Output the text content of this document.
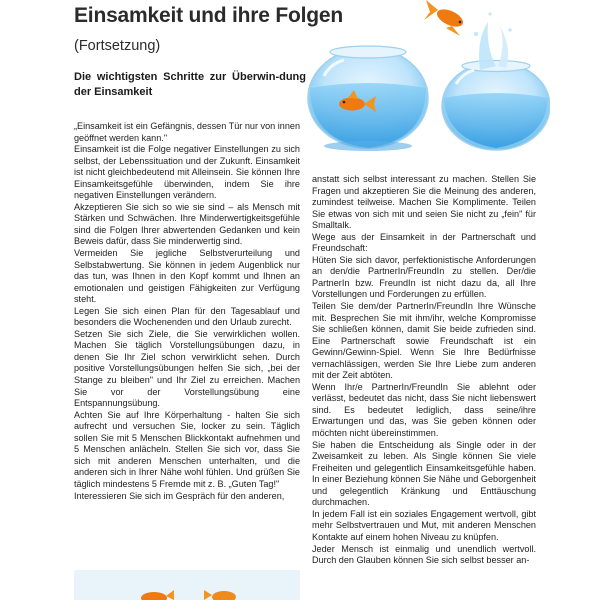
Einsamkeit und ihre Folgen
(Fortsetzung)
Die wichtigsten Schritte zur Überwin-dung der Einsamkeit

„Einsamkeit ist ein Gefängnis, dessen Tür nur von innen geöffnet werden kann."

Einsamkeit ist die Folge negativer Einstellungen zu sich selbst, der Lebenssituation und der Zukunft. Einsamkeit ist nicht gleichbedeutend mit Alleinsein. Sie können Ihre Einsamkeitsgefühle überwinden, indem Sie ihre negativen Einstellungen verändern.

Akzeptieren Sie sich so wie sie sind – als Mensch mit Stärken und Schwächen. Ihre Minderwertigkeitsgefühle sind die Folgen Ihrer abwertenden Gedanken und kein Beweis dafür, dass Sie minderwertig sind.

Vermeiden Sie jegliche Selbstverurteilung und Selbstabwertung. Sie können in jedem Augenblick nur das tun, was Ihnen in den Kopf kommt und Ihnen an emotionalen und geistigen Fähigkeiten zur Verfügung steht.

Legen Sie sich einen Plan für den Tagesablauf und besonders die Wochenenden und den Urlaub zurecht.

Setzen Sie sich Ziele, die Sie verwirklichen wollen. Machen Sie täglich Vorstellungsübungen dazu, in denen Sie Ihr Ziel schon verwirklicht sehen. Durch positive Vorstellungsübungen helfen Sie sich, „bei der Stange zu bleiben" und Ihr Ziel zu erreichen. Machen Sie vor der Vorstellungsübung eine Entspannungsübung.

Achten Sie auf Ihre Körperhaltung - halten Sie sich aufrecht und versuchen Sie, locker zu sein. Täglich sollen Sie mit 5 Menschen Blickkontakt aufnehmen und 5 Menschen anlächeln. Stellen Sie sich vor, dass Sie sich mit anderen Menschen unterhalten, und die anderen sich in Ihrer Nähe wohl fühlen. Und grüßen Sie täglich mindestens 5 Fremde mit z. B. „Guten Tag!"

Interessieren Sie sich im Gespräch für den anderen,

anstatt sich selbst interessant zu machen. Stellen Sie Fragen und akzeptieren Sie die Meinung des anderen, zumindest teilweise. Machen Sie Komplimente. Teilen Sie etwas von sich mit und seien Sie nicht zu „fein" für Smalltalk.

Wege aus der Einsamkeit in der Partnerschaft und Freundschaft:

Hüten Sie sich davor, perfektionistische Anforderungen an den/die PartnerIn/FreundIn zu stellen. Der/die PartnerIn bzw. FreundIn ist nicht dazu da, all Ihre Vorstellungen und Forderungen zu erfüllen.

Teilen Sie dem/der PartnerIn/FreundIn Ihre Wünsche mit. Besprechen Sie mit ihm/ihr, welche Kompromisse Sie schließen können, damit Sie beide zufrieden sind. Eine Partnerschaft sowie Freundschaft ist ein Gewinn/Gewinn-Spiel. Wenn Sie Ihre Bedürfnisse vernachlässigen, werden Sie Ihre Liebe zum anderen mit der Zeit abtöten.

Wenn Ihr/e PartnerIn/FreundIn Sie ablehnt oder verlässt, bedeutet das nicht, dass Sie nicht liebenswert sind. Es bedeutet lediglich, dass seine/ihre Erwartungen und das, was Sie geben können oder möchten nicht übereinstimmen.

Sie haben die Entscheidung als Single oder in der Zweisamkeit zu leben. Als Single können Sie viele Freiheiten und gelegentlich Einsamkeitsgefühle haben. In einer Beziehung können Sie Nähe und Geborgenheit und gelegentlich Kränkung und Enttäuschung durchmachen.

In jedem Fall ist ein soziales Engagement wertvoll, gibt mehr Selbstvertrauen und Mut, mit anderen Menschen Kontakte auf einem hohen Niveau zu knüpfen.

Jeder Mensch ist einmalig und unendlich wertvoll. Durch den Glauben können Sie sich selbst besser an-
